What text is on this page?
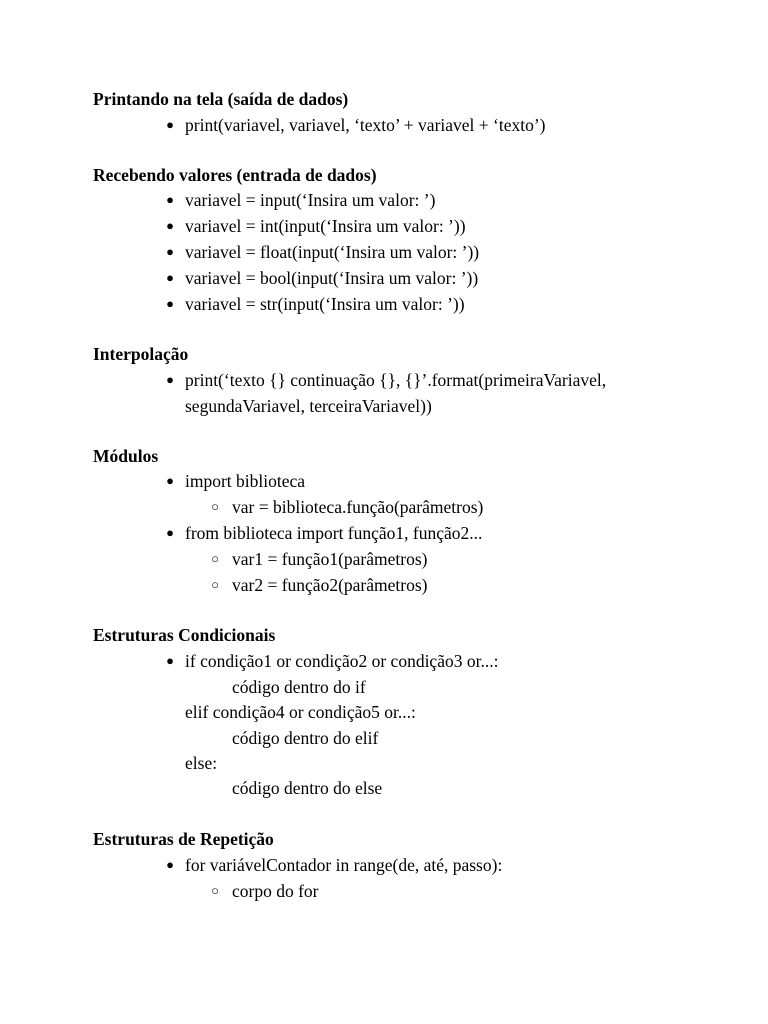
Printando na tela (saída de dados)
● print(variavel, variavel, ‘texto’ + variavel + ‘texto’)
Recebendo valores (entrada de dados)
● variavel = input(‘Insira um valor: ’)
● variavel = int(input(‘Insira um valor: ’))
● variavel = float(input(‘Insira um valor: ’))
● variavel = bool(input(‘Insira um valor: ’))
● variavel = str(input(‘Insira um valor: ’))
Interpolação
● print(‘texto {} continuação {}, {}’.format(primeiraVariavel,
segundaVariavel, terceiraVariavel))
Módulos
● import biblioteca
○ var = biblioteca.função(parâmetros)
● from biblioteca import função1, função2...
○ var1 = função1(parâmetros)
○ var2 = função2(parâmetros)
Estruturas Condicionais
● if condição1 or condição2 or condição3 or...:
código dentro do if
elif condição4 or condição5 or...:
código dentro do elif
else:
código dentro do else
Estruturas de Repetição
● for variávelContador in range(de, até, passo):
○ corpo do for
